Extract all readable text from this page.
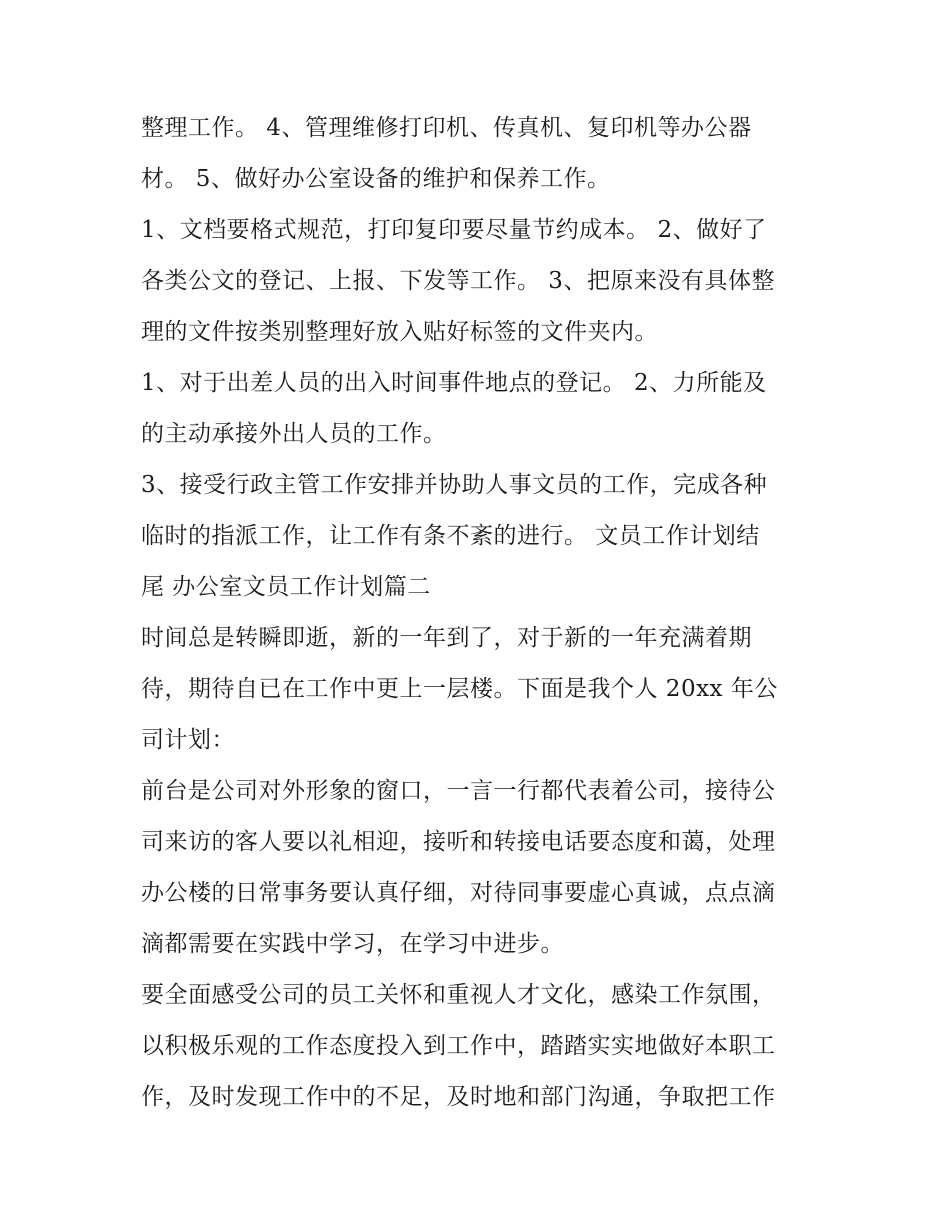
整理工作。 4、管理维修打印机、传真机、复印机等办公器
材。 5、做好办公室设备的维护和保养工作。
1、文档要格式规范，打印复印要尽量节约成本。 2、做好了
各类公文的登记、上报、下发等工作。 3、把原来没有具体整
理的文件按类别整理好放入贴好标签的文件夹内。
1、对于出差人员的出入时间事件地点的登记。 2、力所能及
的主动承接外出人员的工作。
3、接受行政主管工作安排并协助人事文员的工作，完成各种
临时的指派工作，让工作有条不紊的进行。 文员工作计划结
尾 办公室文员工作计划篇二
时间总是转瞬即逝，新的一年到了，对于新的一年充满着期
待，期待自已在工作中更上一层楼。下面是我个人 20xx 年公
司计划：
前台是公司对外形象的窗口，一言一行都代表着公司，接待公
司来访的客人要以礼相迎，接听和转接电话要态度和蔼，处理
办公楼的日常事务要认真仔细，对待同事要虚心真诚，点点滴
滴都需要在实践中学习，在学习中进步。
要全面感受公司的员工关怀和重视人才文化，感染工作氛围，
以积极乐观的工作态度投入到工作中，踏踏实实地做好本职工
作，及时发现工作中的不足，及时地和部门沟通，争取把工作
